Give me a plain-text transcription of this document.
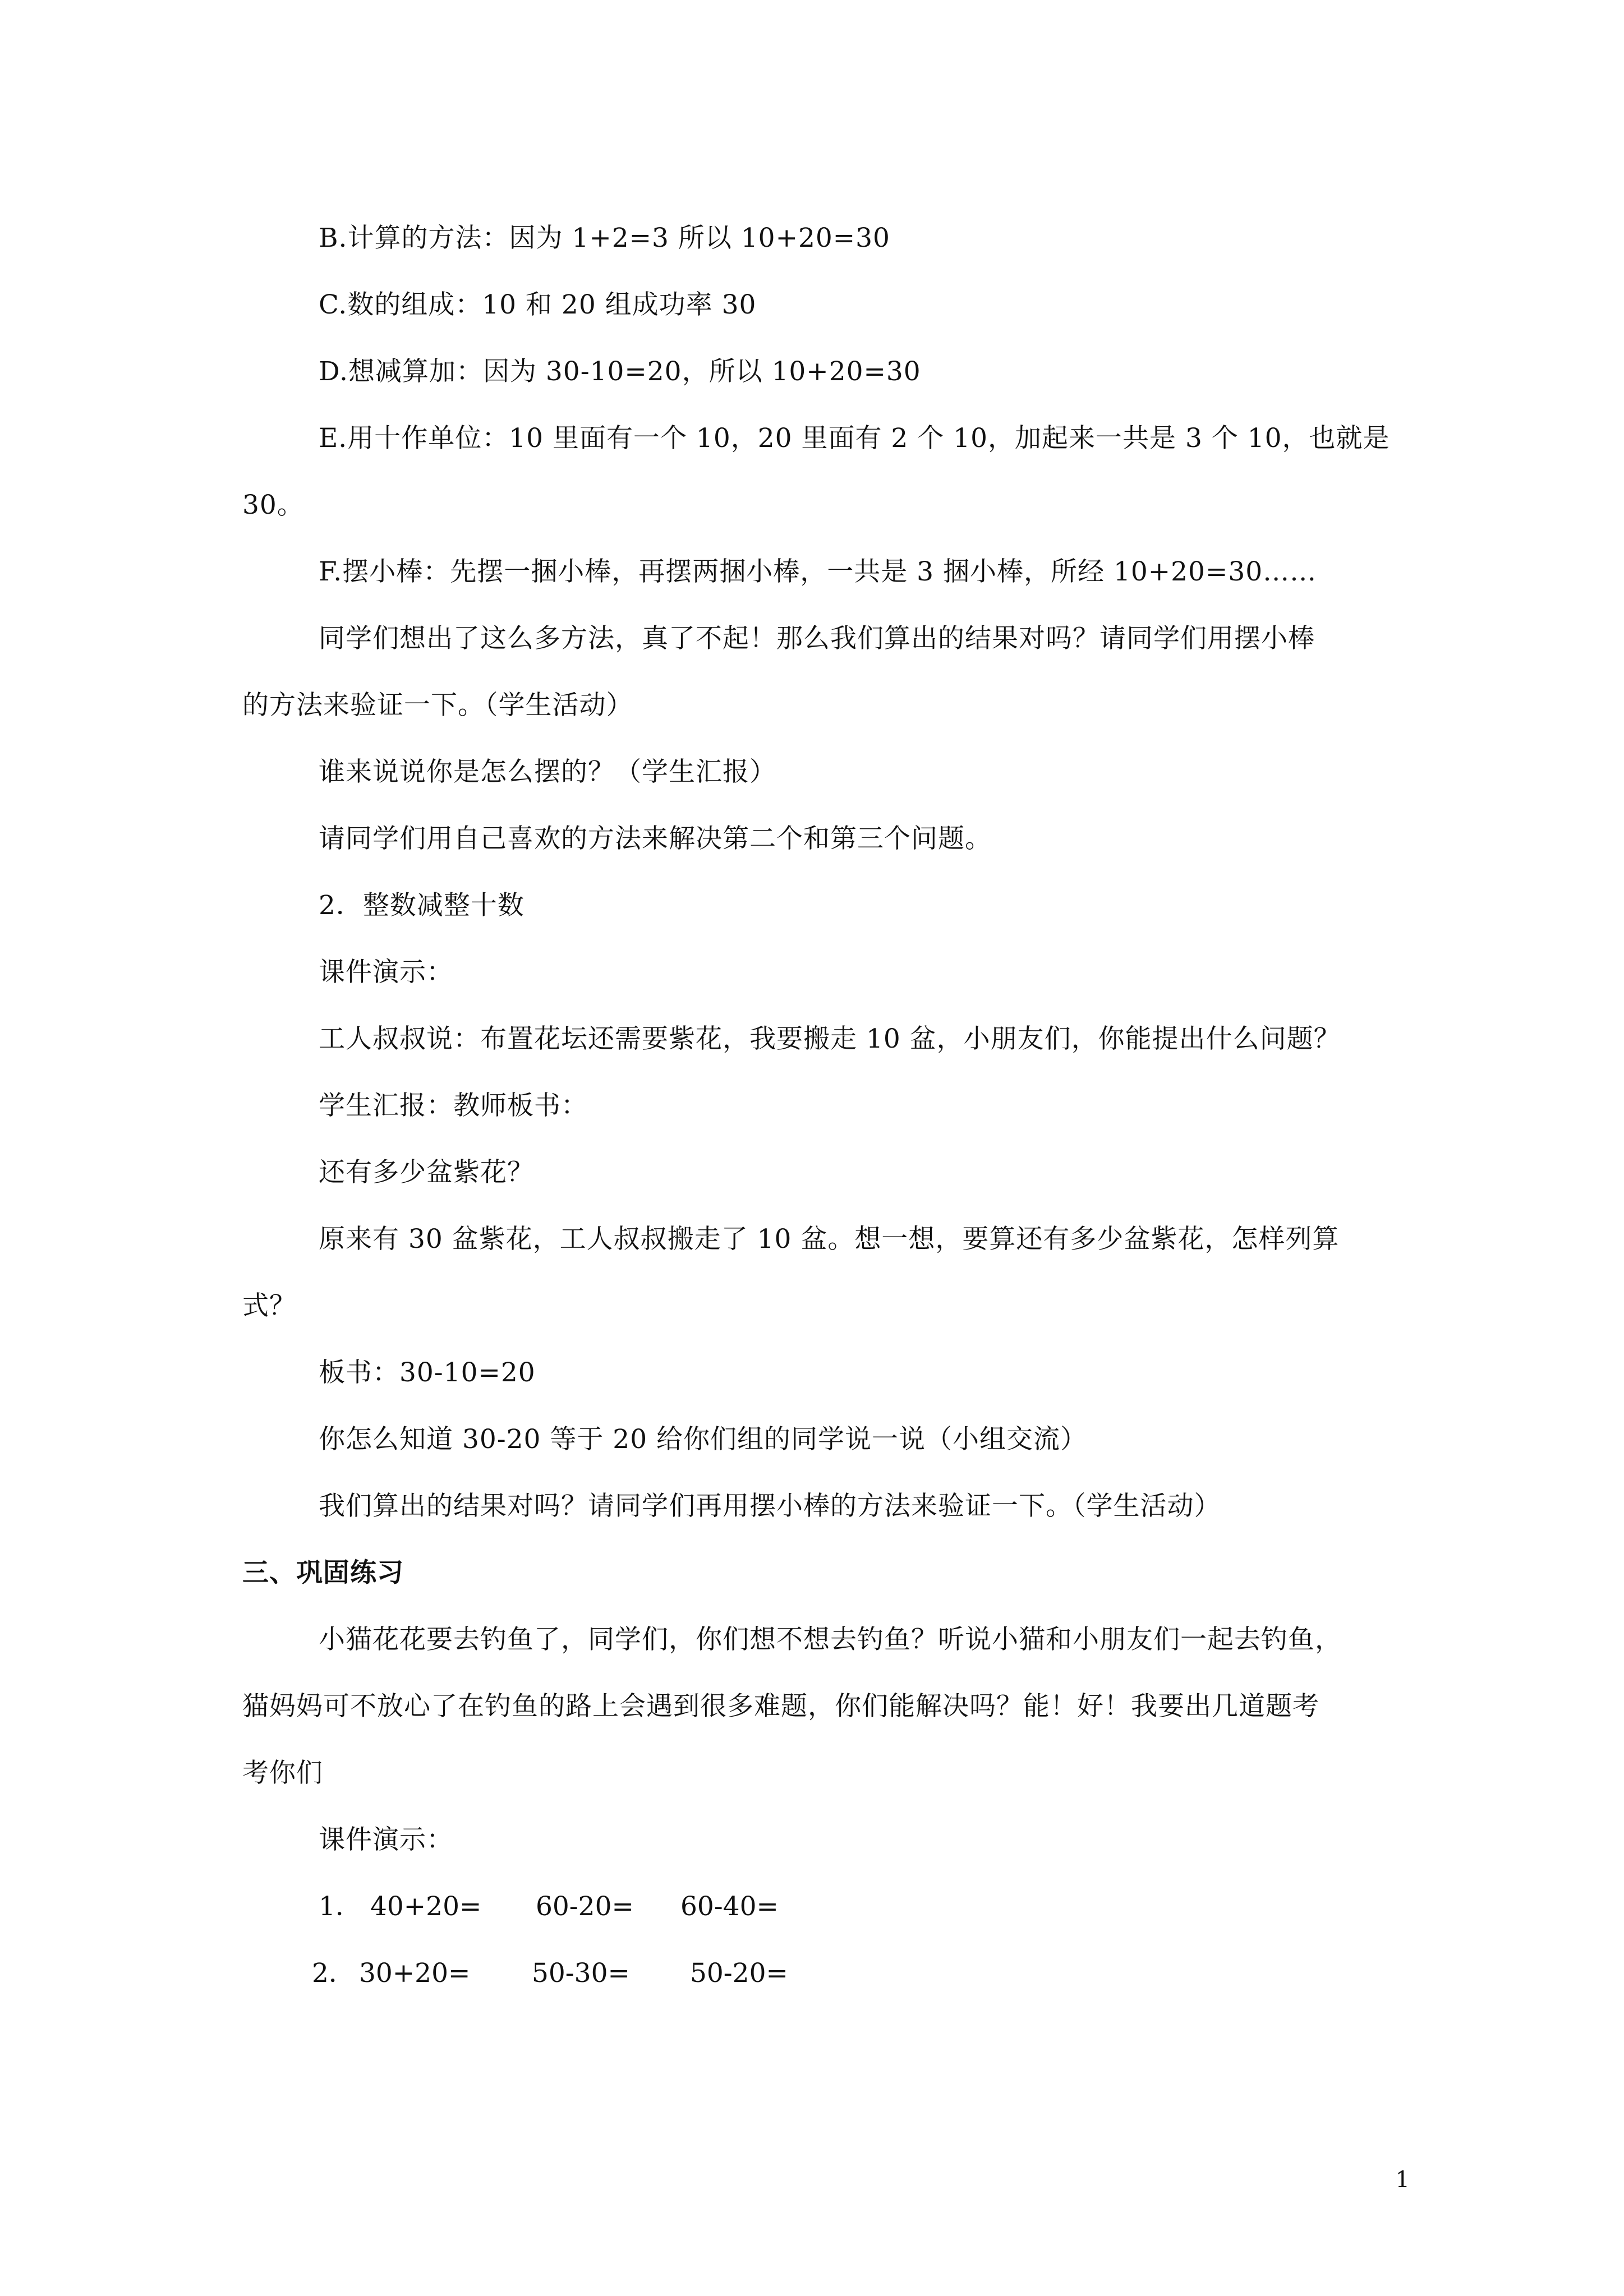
B.计算的方法：因为 1+2=3 所以 10+20=30
C.数的组成：10 和 20 组成功率 30
D.想减算加：因为 30-10=20，所以 10+20=30
E.用十作单位：10 里面有一个 10，20 里面有 2 个 10，加起来一共是 3 个 10，也就是
30。
F.摆小棒：先摆一捆小棒，再摆两捆小棒，一共是 3 捆小棒，所经 10+20=30……
同学们想出了这么多方法，真了不起！那么我们算出的结果对吗？请同学们用摆小棒
的方法来验证一下。（学生活动）
谁来说说你是怎么摆的？（学生汇报）
请同学们用自己喜欢的方法来解决第二个和第三个问题。
2．整数减整十数
课件演示：
工人叔叔说：布置花坛还需要紫花，我要搬走 10 盆，小朋友们，你能提出什么问题？
学生汇报：教师板书：
还有多少盆紫花？
原来有 30 盆紫花，工人叔叔搬走了 10 盆。想一想，要算还有多少盆紫花，怎样列算
式？
板书：30-10=20
你怎么知道 30-20 等于 20 给你们组的同学说一说（小组交流）
我们算出的结果对吗？请同学们再用摆小棒的方法来验证一下。（学生活动）
三、巩固练习
小猫花花要去钓鱼了，同学们，你们想不想去钓鱼？听说小猫和小朋友们一起去钓鱼，
猫妈妈可不放心了在钓鱼的路上会遇到很多难题，你们能解决吗？能！好！我要出几道题考
考你们
课件演示：
1． 40+20= 60-20= 60-40=
2． 30+20= 50-30= 50-20=
1
